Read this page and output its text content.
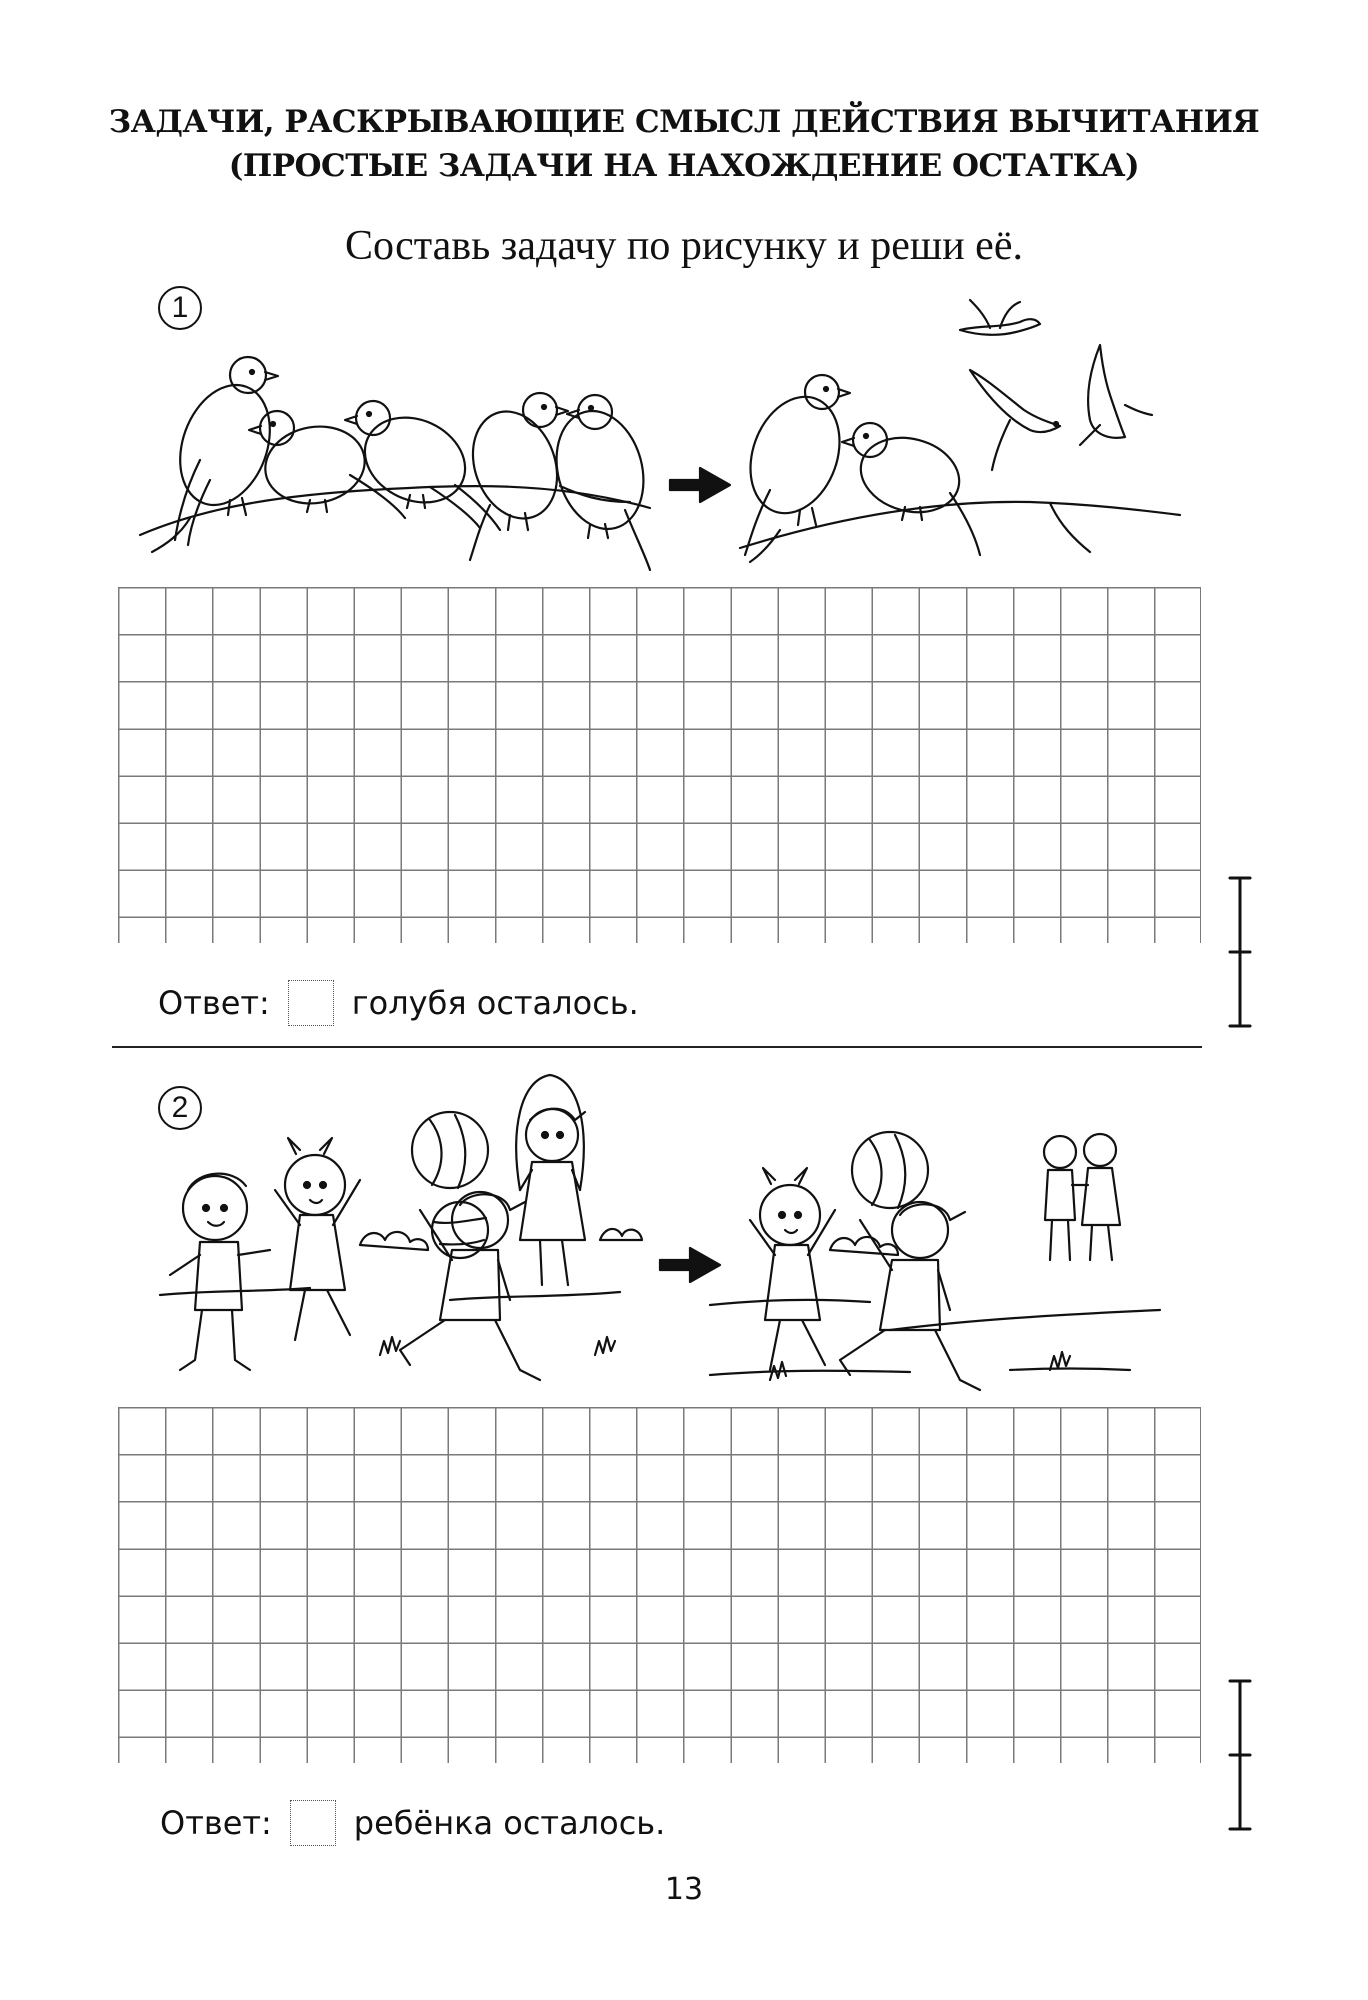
ЗАДАЧИ, РАСКРЫВАЮЩИЕ СМЫСЛ ДЕЙСТВИЯ ВЫЧИТАНИЯ
(ПРОСТЫЕ ЗАДАЧИ НА НАХОЖДЕНИЕ ОСТАТКА)
Составь задачу по рисунку и реши её.
1
Ответ:	голубя осталось.
2
Ответ:	ребёнка осталось.
13
